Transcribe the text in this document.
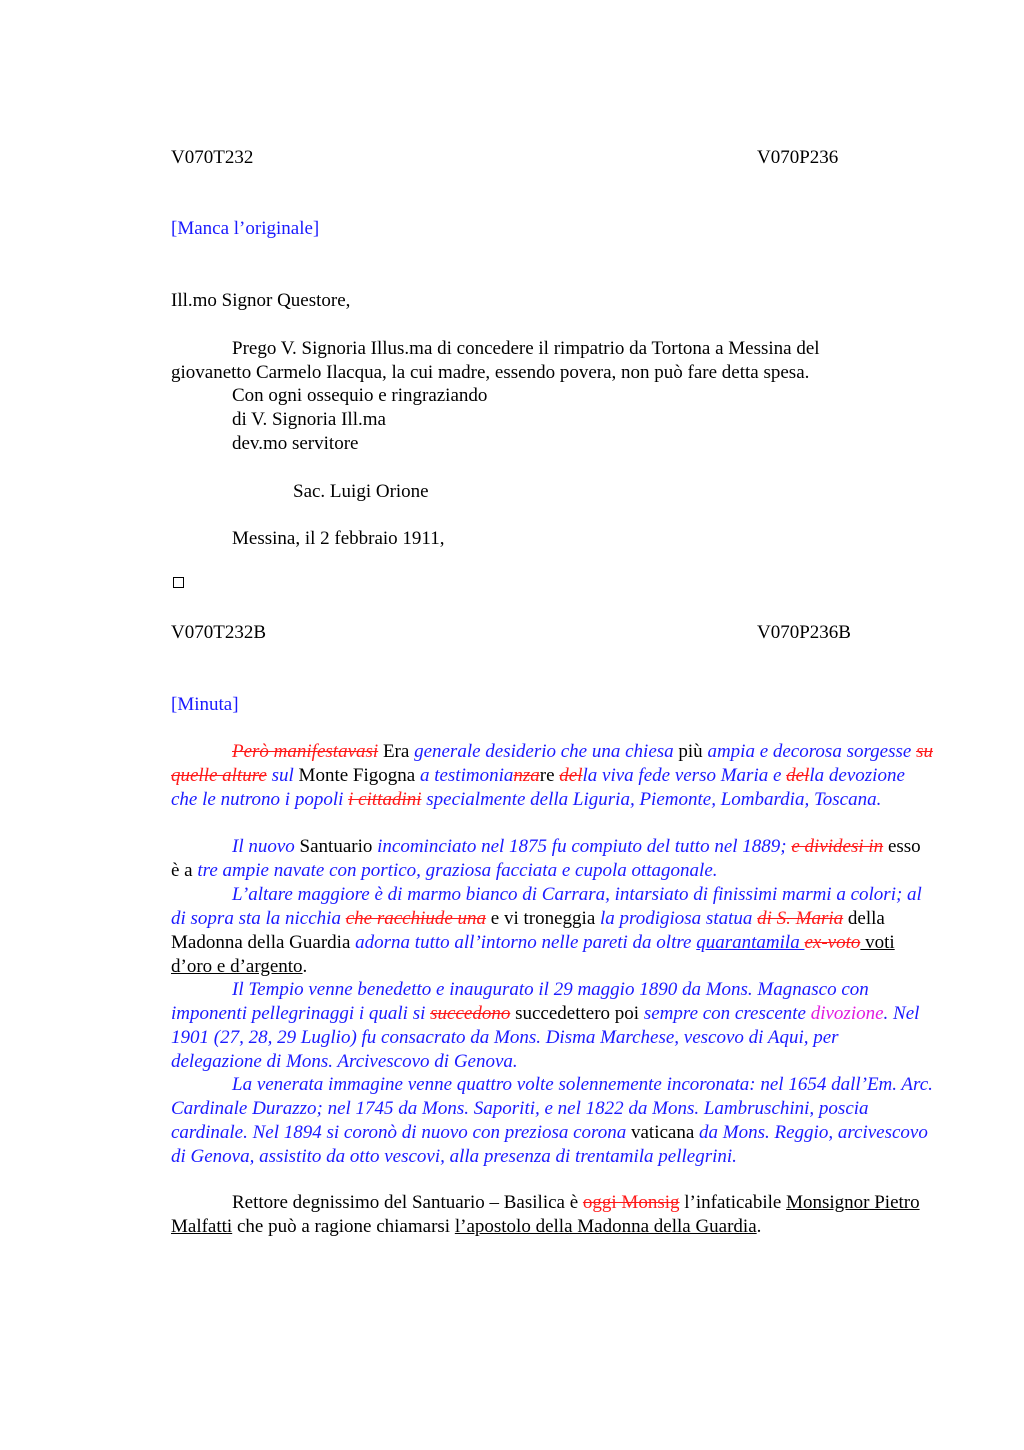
V070T232	V070P236
[Manca l’originale]
Ill.mo Signor Questore,
Prego V. Signoria Illus.ma di concedere il rimpatrio da Tortona a Messina del
giovanetto Carmelo Ilacqua, la cui madre, essendo povera, non può fare detta spesa.
Con ogni ossequio e ringraziando
di V. Signoria Ill.ma
dev.mo servitore
Sac. Luigi Orione
Messina, il 2 febbraio 1911,
V070T232B	V070P236B
[Minuta]
Però manifestavasi Era generale desiderio che una chiesa più ampia e decorosa sorgesse su quelle alture sul Monte Figogna a testimonianzare della viva fede verso Maria e della devozione che le nutrono i popoli i cittadini specialmente della Liguria, Piemonte, Lombardia, Toscana.
Il nuovo Santuario incominciato nel 1875 fu compiuto del tutto nel 1889; e dividesi in esso è a tre ampie navate con portico, graziosa facciata e cupola ottagonale.
L’altare maggiore è di marmo bianco di Carrara, intarsiato di finissimi marmi a colori; al di sopra sta la nicchia che racchiude una e vi troneggia la prodigiosa statua di S. Maria della Madonna della Guardia adorna tutto all’intorno nelle pareti da oltre quarantamila ex-voto voti d’oro e d’argento.
Il Tempio venne benedetto e inaugurato il 29 maggio 1890 da Mons. Magnasco con imponenti pellegrinaggi i quali si succedono succedettero poi sempre con crescente divozione. Nel 1901 (27, 28, 29 Luglio) fu consacrato da Mons. Disma Marchese, vescovo di Aqui, per delegazione di Mons. Arcivescovo di Genova.
La venerata immagine venne quattro volte solennemente incoronata: nel 1654 dall’Em. Arc. Cardinale Durazzo; nel 1745 da Mons. Saporiti, e nel 1822 da Mons. Lambruschini, poscia cardinale. Nel 1894 si coronò di nuovo con preziosa corona vaticana da Mons. Reggio, arcivescovo di Genova, assistito da otto vescovi, alla presenza di trentamila pellegrini.
Rettore degnissimo del Santuario – Basilica è oggi Monsig l’infaticabile Monsignor Pietro Malfatti che può a ragione chiamarsi l’apostolo della Madonna della Guardia.
